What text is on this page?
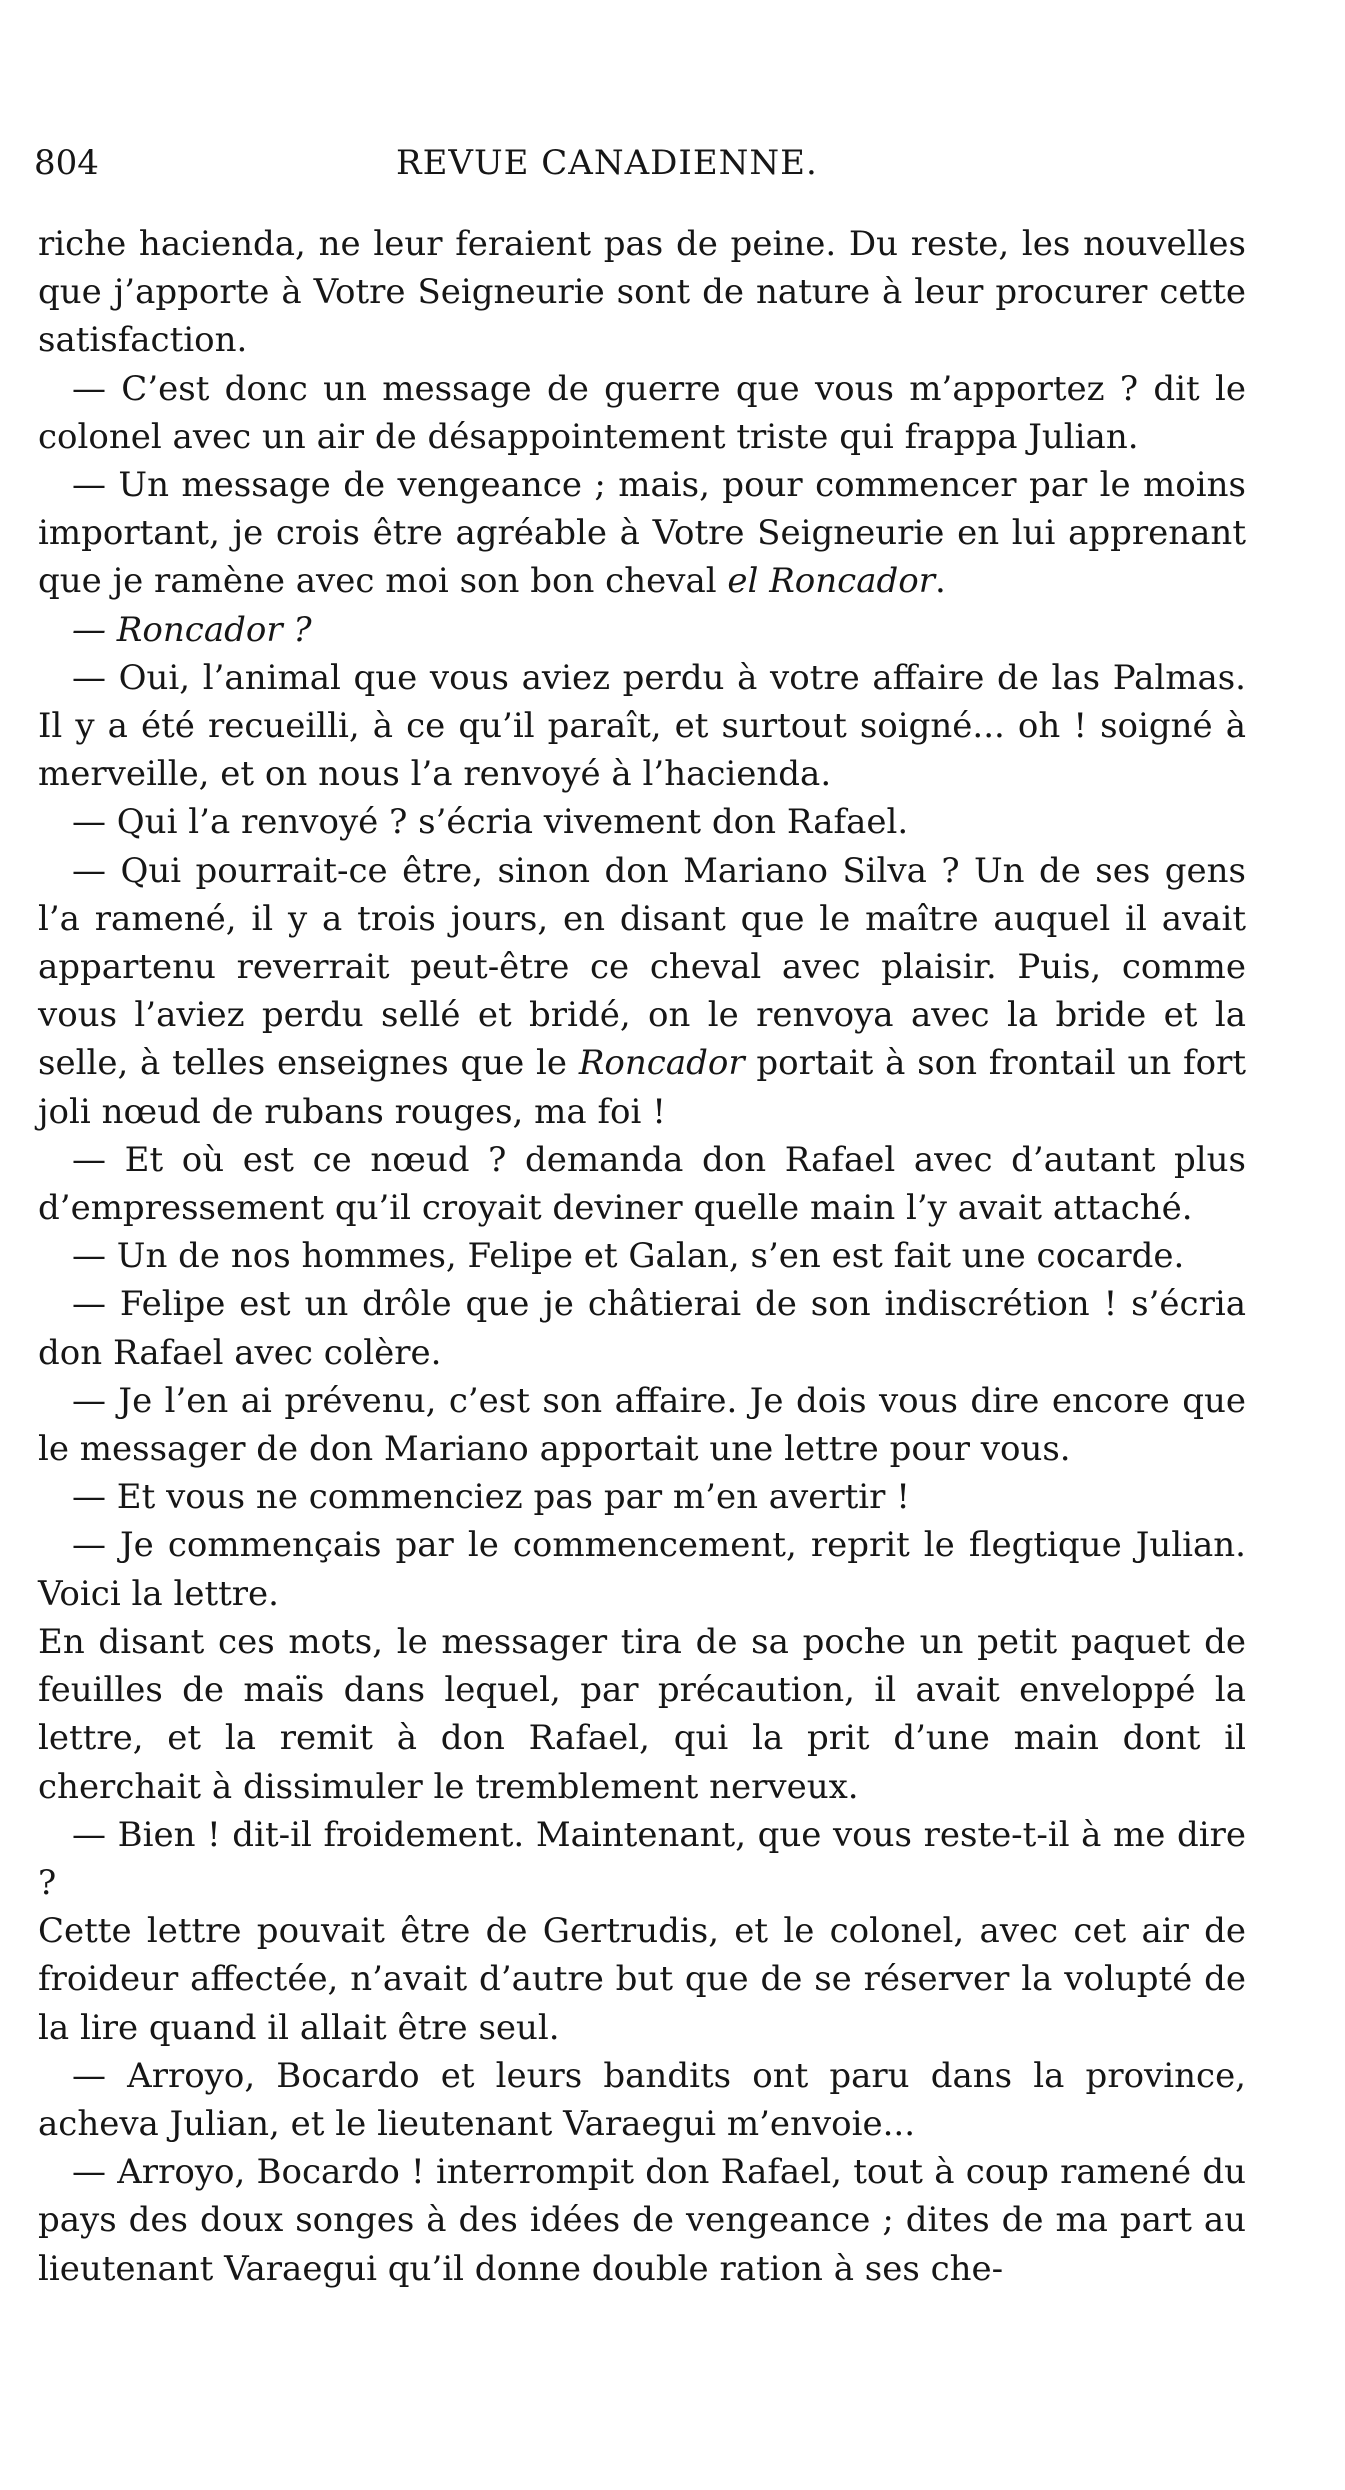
804	REVUE CANADIENNE.

riche hacienda, ne leur feraient pas de peine. Du reste, les nouvelles que j’apporte à Votre Seigneurie sont de nature à leur procurer cette satisfaction.

— C’est donc un message de guerre que vous m’apportez ? dit le colonel avec un air de désappointement triste qui frappa Julian.

— Un message de vengeance ; mais, pour commencer par le moins important, je crois être agréable à Votre Seigneurie en lui apprenant que je ramène avec moi son bon cheval el Roncador.

— Roncador ?

— Oui, l’animal que vous aviez perdu à votre affaire de las Palmas. Il y a été recueilli, à ce qu’il paraît, et surtout soigné... oh ! soigné à merveille, et on nous l’a renvoyé à l’hacienda.

— Qui l’a renvoyé ? s’écria vivement don Rafael.

— Qui pourrait-ce être, sinon don Mariano Silva ? Un de ses gens l’a ramené, il y a trois jours, en disant que le maître auquel il avait appartenu reverrait peut-être ce cheval avec plaisir. Puis, comme vous l’aviez perdu sellé et bridé, on le renvoya avec la bride et la selle, à telles enseignes que le Roncador portait à son frontail un fort joli nœud de rubans rouges, ma foi !

— Et où est ce nœud ? demanda don Rafael avec d’autant plus d’empressement qu’il croyait deviner quelle main l’y avait attaché.

— Un de nos hommes, Felipe et Galan, s’en est fait une cocarde.

— Felipe est un drôle que je châtierai de son indiscrétion ! s’écria don Rafael avec colère.

— Je l’en ai prévenu, c’est son affaire. Je dois vous dire encore que le messager de don Mariano apportait une lettre pour vous.

— Et vous ne commenciez pas par m’en avertir !

— Je commençais par le commencement, reprit le flegtique Julian. Voici la lettre.

En disant ces mots, le messager tira de sa poche un petit paquet de feuilles de maïs dans lequel, par précaution, il avait enveloppé la lettre, et la remit à don Rafael, qui la prit d’une main dont il cherchait à dissimuler le tremblement nerveux.

— Bien ! dit-il froidement. Maintenant, que vous reste-t-il à me dire ?

Cette lettre pouvait être de Gertrudis, et le colonel, avec cet air de froideur affectée, n’avait d’autre but que de se réserver la volupté de la lire quand il allait être seul.

— Arroyo, Bocardo et leurs bandits ont paru dans la province, acheva Julian, et le lieutenant Varaegui m’envoie...

— Arroyo, Bocardo ! interrompit don Rafael, tout à coup ramené du pays des doux songes à des idées de vengeance ; dites de ma part au lieutenant Varaegui qu’il donne double ration à ses che-
